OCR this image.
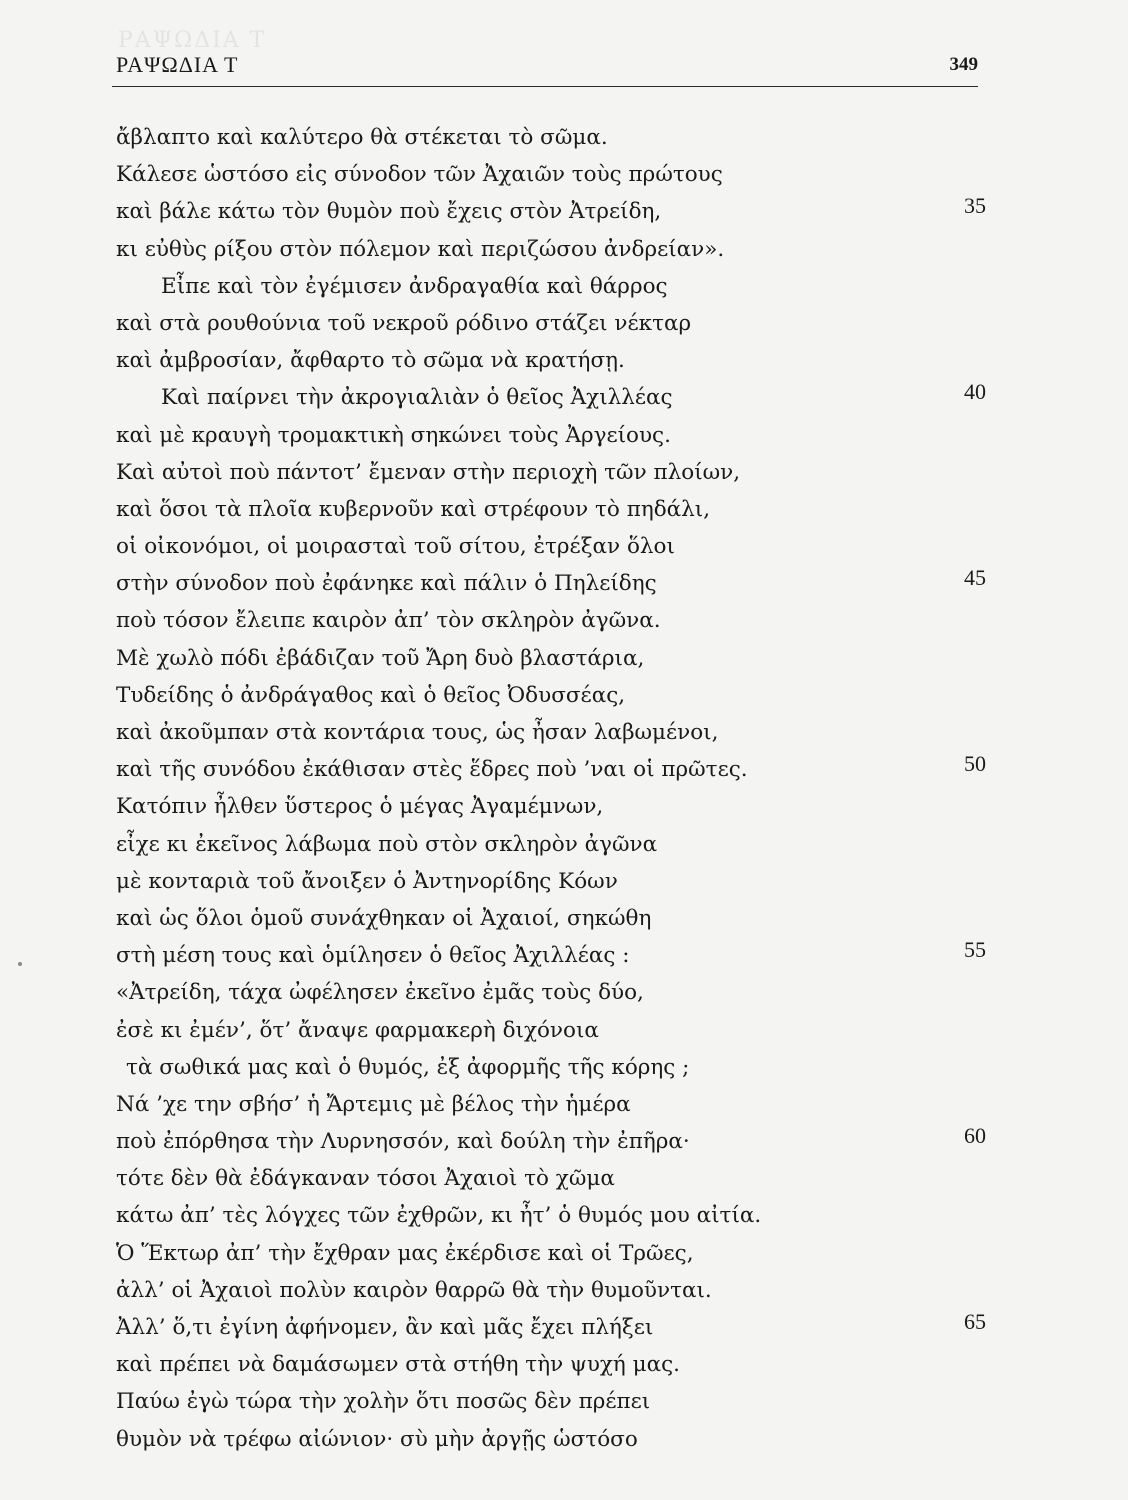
ΡΑΨΩΔΙΑ Τ
ΡΑΨΩΔΙΑ Τ	349
ἄβλαπτο καὶ καλύτερο θὰ στέκεται τὸ σῶμα.
Κάλεσε ὡστόσο εἰς σύνοδον τῶν Ἀχαιῶν τοὺς πρώτους
καὶ βάλε κάτω τὸν θυμὸν ποὺ ἔχεις στὸν Ἀτρείδη,	35
κι εὐθὺς ρίξου στὸν πόλεμον καὶ περιζώσου ἀνδρείαν».
Εἶπε καὶ τὸν ἐγέμισεν ἀνδραγαθία καὶ θάρρος
καὶ στὰ ρουθούνια τοῦ νεκροῦ ρόδινο στάζει νέκταρ
καὶ ἀμβροσίαν, ἄφθαρτο τὸ σῶμα νὰ κρατήσῃ.
Καὶ παίρνει τὴν ἀκρογιαλιὰν ὁ θεῖος Ἀχιλλέας	40
καὶ μὲ κραυγὴ τρομακτικὴ σηκώνει τοὺς Ἀργείους.
Καὶ αὐτοὶ ποὺ πάντοτ’ ἔμεναν στὴν περιοχὴ τῶν πλοίων,
καὶ ὅσοι τὰ πλοῖα κυβερνοῦν καὶ στρέφουν τὸ πηδάλι,
οἱ οἰκονόμοι, οἱ μοιρασταὶ τοῦ σίτου, ἐτρέξαν ὅλοι
στὴν σύνοδον ποὺ ἐφάνηκε καὶ πάλιν ὁ Πηλείδης	45
ποὺ τόσον ἔλειπε καιρὸν ἀπ’ τὸν σκληρὸν ἀγῶνα.
Μὲ χωλὸ πόδι ἐβάδιζαν τοῦ Ἄρη δυὸ βλαστάρια,
Τυδείδης ὁ ἀνδράγαθος καὶ ὁ θεῖος Ὀδυσσέας,
καὶ ἀκοῦμπαν στὰ κοντάρια τους, ὡς ἦσαν λαβωμένοι,
καὶ τῆς συνόδου ἐκάθισαν στὲς ἕδρες ποὺ ’ναι οἱ πρῶτες.	50
Κατόπιν ἦλθεν ὕστερος ὁ μέγας Ἀγαμέμνων,
εἶχε κι ἐκεῖνος λάβωμα ποὺ στὸν σκληρὸν ἀγῶνα
μὲ κονταριὰ τοῦ ἄνοιξεν ὁ Ἀντηνορίδης Κόων
καὶ ὡς ὅλοι ὁμοῦ συνάχθηκαν οἱ Ἀχαιοί, σηκώθη
στὴ μέση τους καὶ ὁμίλησεν ὁ θεῖος Ἀχιλλέας :	55
«Ἀτρείδη, τάχα ὠφέλησεν ἐκεῖνο ἐμᾶς τοὺς δύο,
ἐσὲ κι ἐμέν’, ὅτ’ ἄναψε φαρμακερὴ διχόνοια
τὰ σωθικά μας καὶ ὁ θυμός, ἐξ ἀφορμῆς τῆς κόρης ;
Νά ’χε την σβήσ’ ἡ Ἄρτεμις μὲ βέλος τὴν ἡμέρα
ποὺ ἐπόρθησα τὴν Λυρνησσόν, καὶ δούλη τὴν ἐπῆρα·	60
τότε δὲν θὰ ἐδάγκαναν τόσοι Ἀχαιοὶ τὸ χῶμα
κάτω ἀπ’ τὲς λόγχες τῶν ἐχθρῶν, κι ἦτ’ ὁ θυμός μου αἰτία.
Ὁ Ἕκτωρ ἀπ’ τὴν ἔχθραν μας ἐκέρδισε καὶ οἱ Τρῶες,
ἀλλ’ οἱ Ἀχαιοὶ πολὺν καιρὸν θαρρῶ θὰ τὴν θυμοῦνται.
Ἀλλ’ ὅ,τι ἐγίνη ἀφήνομεν, ἂν καὶ μᾶς ἔχει πλήξει	65
καὶ πρέπει νὰ δαμάσωμεν στὰ στήθη τὴν ψυχή μας.
Παύω ἐγὼ τώρα τὴν χολὴν ὅτι ποσῶς δὲν πρέπει
θυμὸν νὰ τρέφω αἰώνιον· σὺ μὴν ἀργῇς ὡστόσο
